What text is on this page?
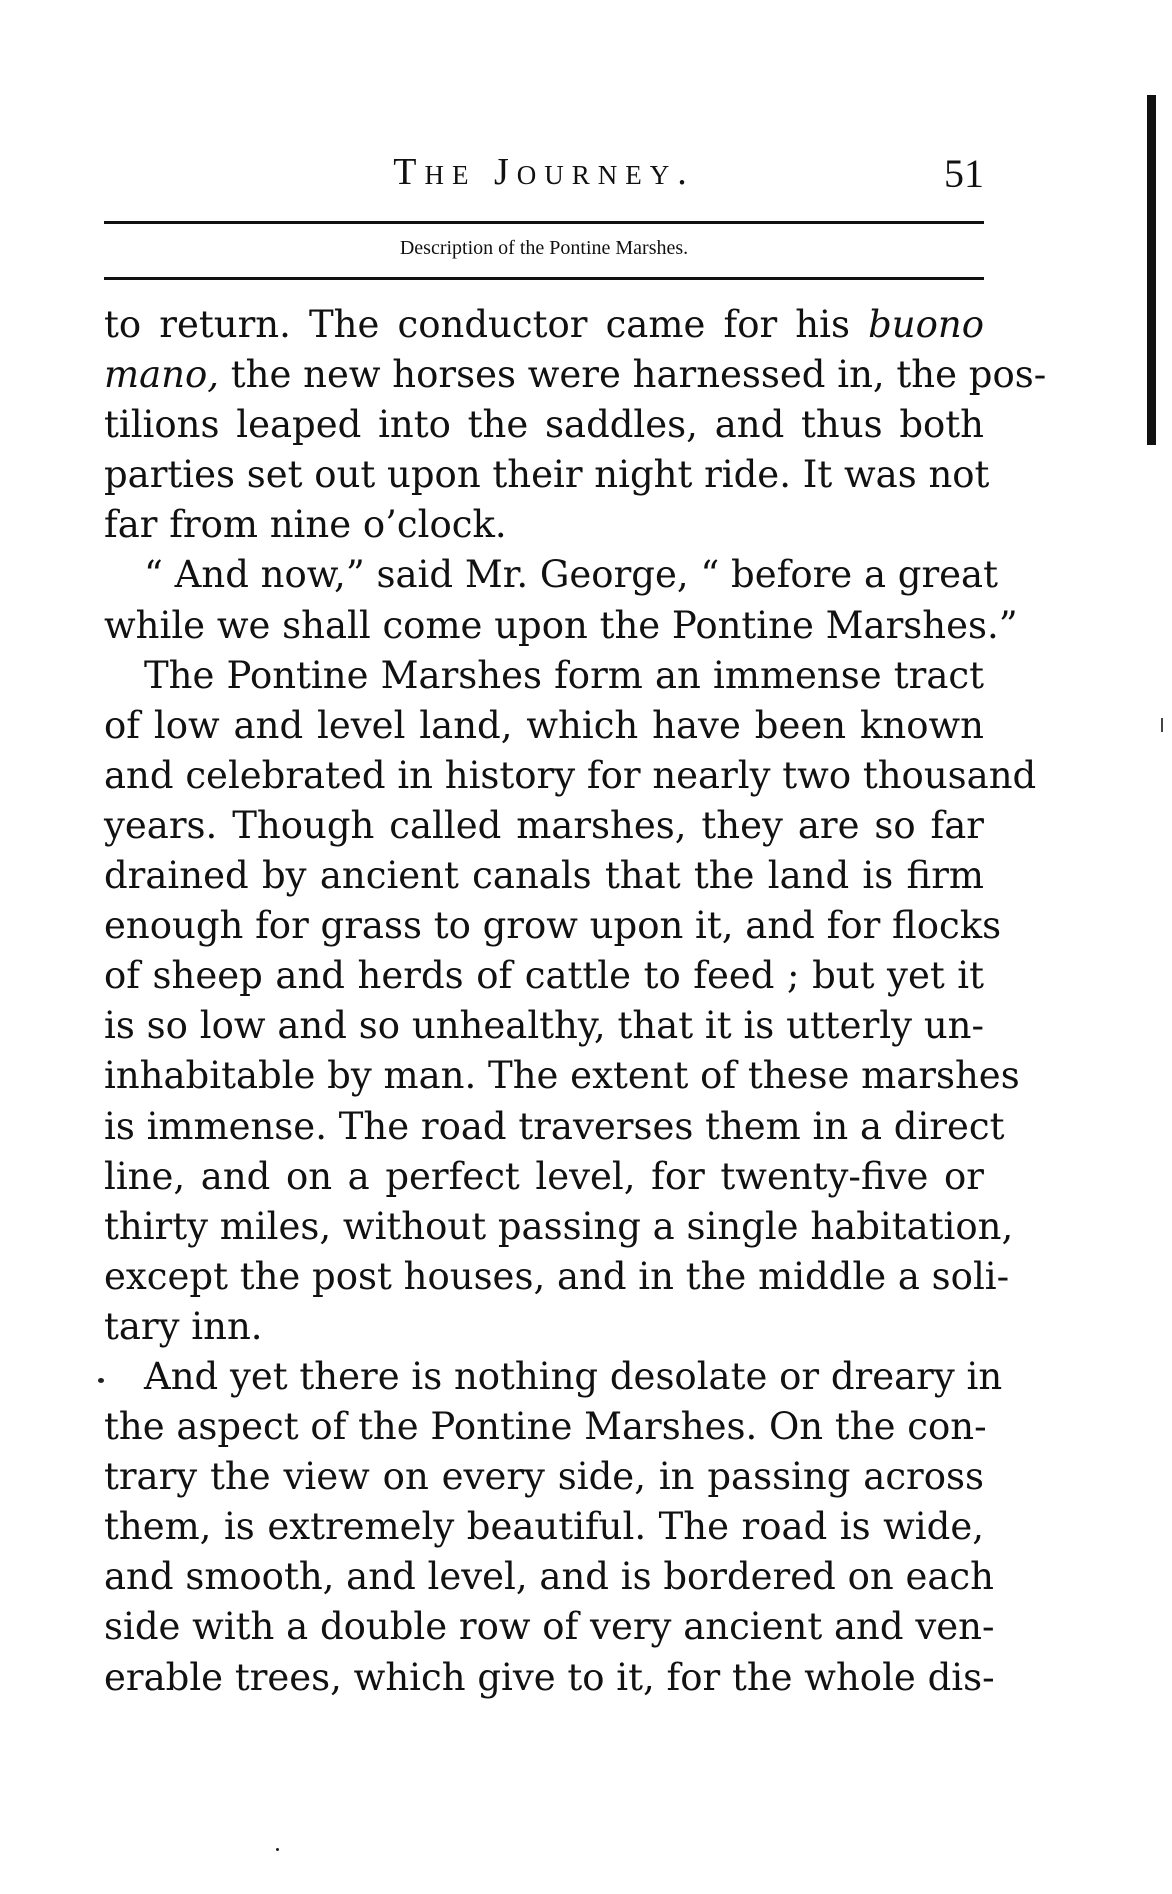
The Journey.	51
Description of the Pontine Marshes.
to return. The conductor came for his buono
mano, the new horses were harnessed in, the pos-
tilions leaped into the saddles, and thus both
parties set out upon their night ride. It was not
far from nine o’clock.
“ And now,” said Mr. George, “ before a great
while we shall come upon the Pontine Marshes.”
The Pontine Marshes form an immense tract
of low and level land, which have been known
and celebrated in history for nearly two thousand
years. Though called marshes, they are so far
drained by ancient canals that the land is firm
enough for grass to grow upon it, and for flocks
of sheep and herds of cattle to feed ; but yet it
is so low and so unhealthy, that it is utterly un-
inhabitable by man. The extent of these marshes
is immense. The road traverses them in a direct
line, and on a perfect level, for twenty-five or
thirty miles, without passing a single habitation,
except the post houses, and in the middle a soli-
tary inn.
And yet there is nothing desolate or dreary in
the aspect of the Pontine Marshes. On the con-
trary the view on every side, in passing across
them, is extremely beautiful. The road is wide,
and smooth, and level, and is bordered on each
side with a double row of very ancient and ven-
erable trees, which give to it, for the whole dis-
